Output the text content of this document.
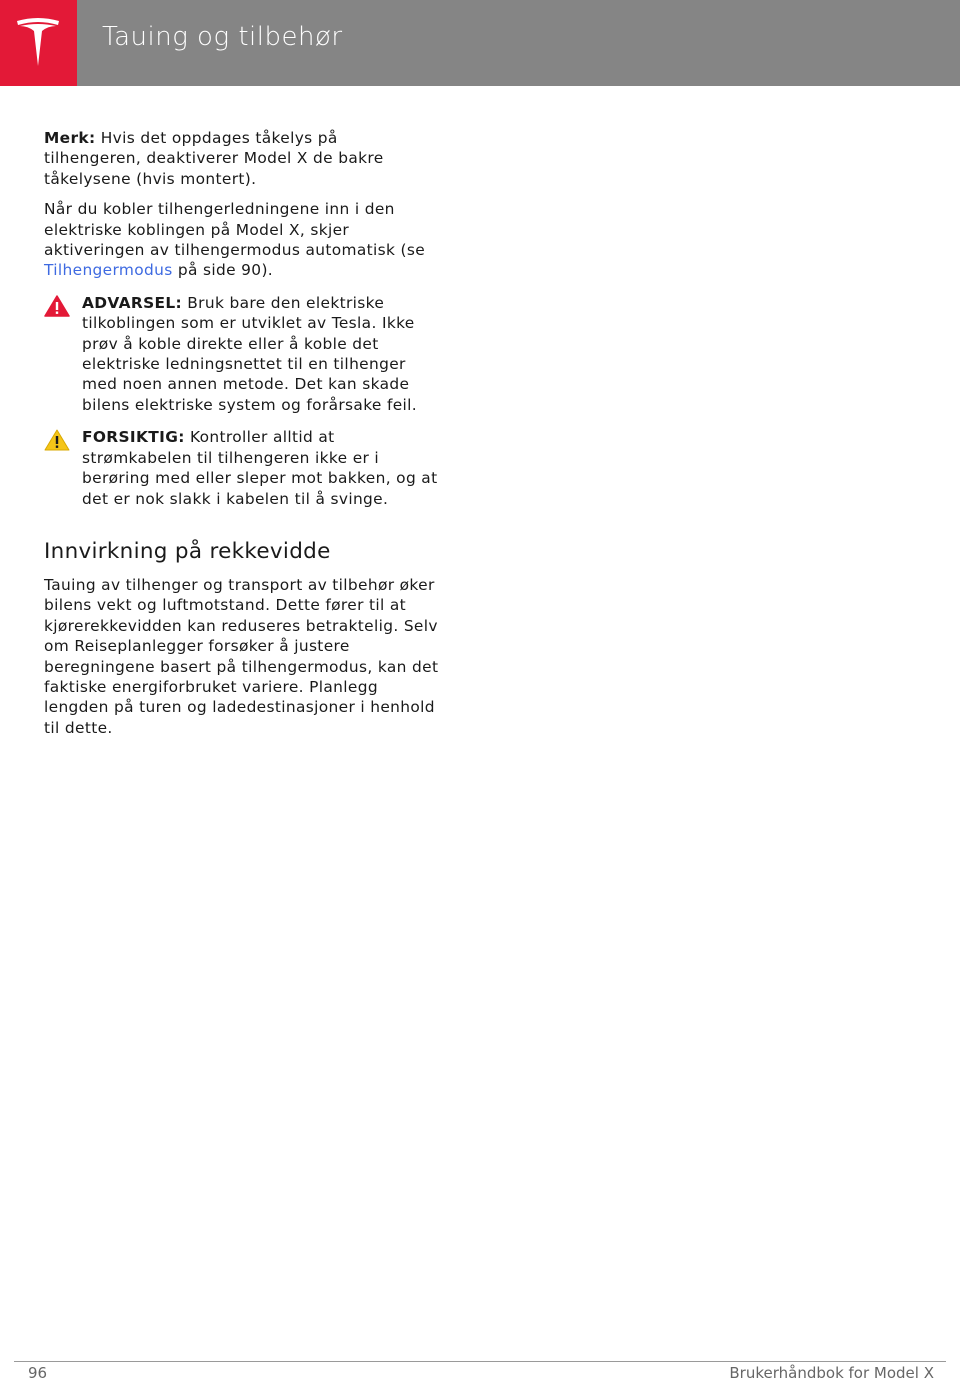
Tauing og tilbehør

Merk: Hvis det oppdages tåkelys på tilhengeren, deaktiverer Model X de bakre tåkelysene (hvis montert).

Når du kobler tilhengerledningene inn i den elektriske koblingen på Model X, skjer aktiveringen av tilhengermodus automatisk (se Tilhengermodus på side 90).

ADVARSEL: Bruk bare den elektriske tilkoblingen som er utviklet av Tesla. Ikke prøv å koble direkte eller å koble det elektriske ledningsnettet til en tilhenger med noen annen metode. Det kan skade bilens elektriske system og forårsake feil.
FORSIKTIG: Kontroller alltid at strømkabelen til tilhengeren ikke er i berøring med eller sleper mot bakken, og at det er nok slakk i kabelen til å svinge.
Innvirkning på rekkevidde

Tauing av tilhenger og transport av tilbehør øker bilens vekt og luftmotstand. Dette fører til at kjørerekkevidden kan reduseres betraktelig. Selv om Reiseplanlegger forsøker å justere beregningene basert på tilhengermodus, kan det faktiske energiforbruket variere. Planlegg lengden på turen og ladedestinasjoner i henhold til dette.

96	Brukerhåndbok for Model X
